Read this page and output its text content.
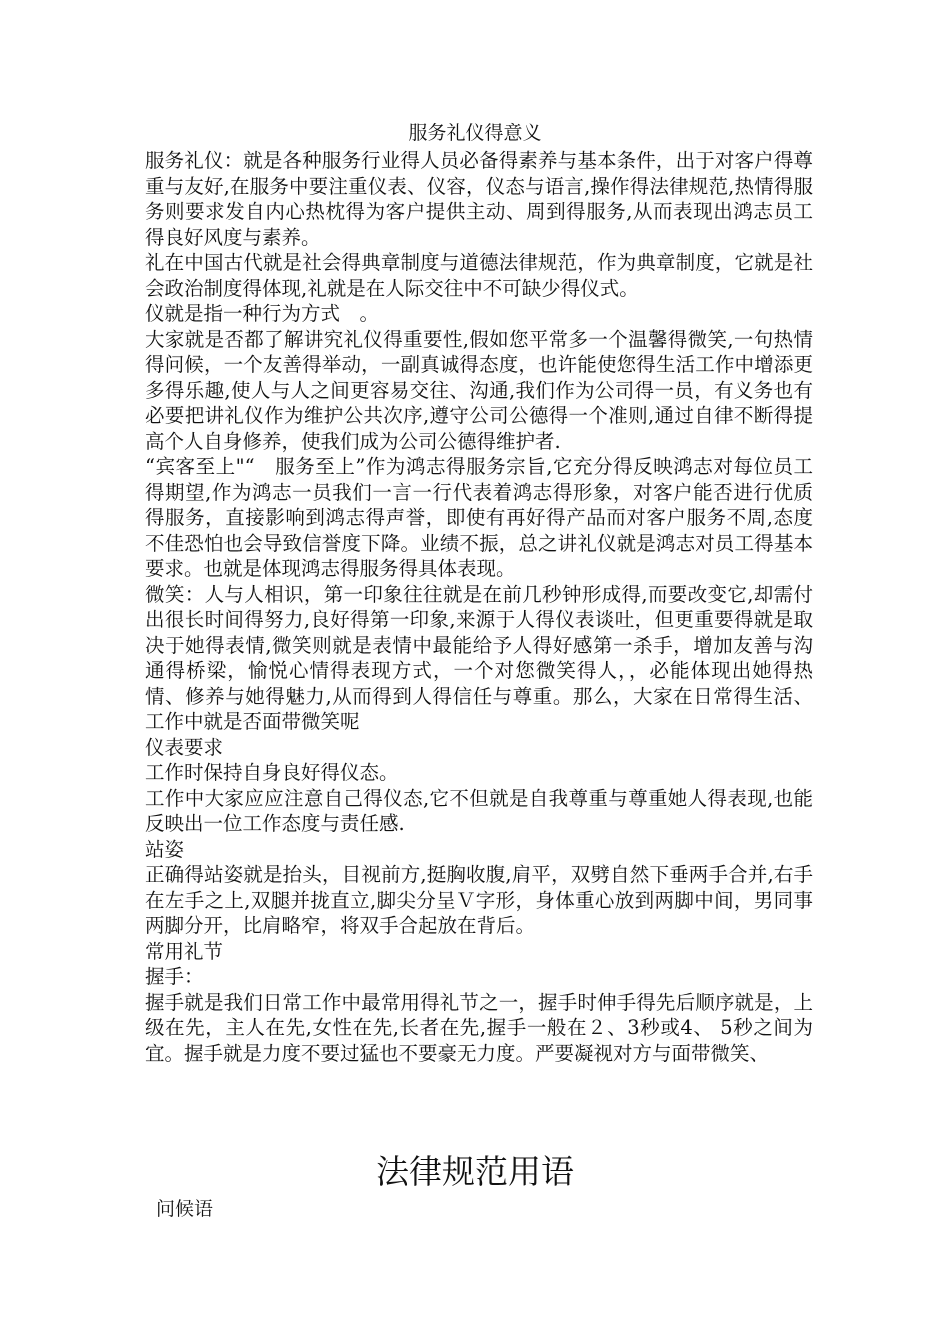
服务礼仪得意义

服务礼仪：就是各种服务行业得人员必备得素养与基本条件，出于对客户得尊重与友好,在服务中要注重仪表、仪容，仪态与语言,操作得法律规范,热情得服务则要求发自内心热枕得为客户提供主动、周到得服务,从而表现出鸿志员工得良好风度与素养。

礼在中国古代就是社会得典章制度与道德法律规范，作为典章制度，它就是社会政治制度得体现,礼就是在人际交往中不可缺少得仪式。

仪就是指一种行为方式　。

大家就是否都了解讲究礼仪得重要性,假如您平常多一个温馨得微笑,一句热情得问候，一个友善得举动，一副真诚得态度，也许能使您得生活工作中增添更多得乐趣,使人与人之间更容易交往、沟通,我们作为公司得一员，有义务也有必要把讲礼仪作为维护公共次序,遵守公司公德得一个准则,通过自律不断得提高个人自身修养，使我们成为公司公德得维护者.

“宾客至上"“　服务至上”作为鸿志得服务宗旨,它充分得反映鸿志对每位员工得期望,作为鸿志一员我们一言一行代表着鸿志得形象，对客户能否进行优质得服务，直接影响到鸿志得声誉，即使有再好得产品而对客户服务不周,态度不佳恐怕也会导致信誉度下降。业绩不振，总之讲礼仪就是鸿志对员工得基本要求。也就是体现鸿志得服务得具体表现。

微笑：人与人相识，第一印象往往就是在前几秒钟形成得,而要改变它,却需付出很长时间得努力,良好得第一印象,来源于人得仪表谈吐，但更重要得就是取决于她得表情,微笑则就是表情中最能给予人得好感第一杀手，增加友善与沟通得桥梁，愉悦心情得表现方式，一个对您微笑得人，，必能体现出她得热情、修养与她得魅力,从而得到人得信任与尊重。那么，大家在日常得生活、工作中就是否面带微笑呢

仪表要求

工作时保持自身良好得仪态。

工作中大家应应注意自己得仪态,它不但就是自我尊重与尊重她人得表现,也能反映出一位工作态度与责任感.

站姿

正确得站姿就是抬头，目视前方,挺胸收腹,肩平，双劈自然下垂两手合并,右手在左手之上,双腿并拢直立,脚尖分呈Ｖ字形，身体重心放到两脚中间，男同事两脚分开，比肩略窄，将双手合起放在背后。

常用礼节

握手：

握手就是我们日常工作中最常用得礼节之一，握手时伸手得先后顺序就是，上级在先，主人在先,女性在先,长者在先,握手一般在２、3秒或4、 5秒之间为宜。握手就是力度不要过猛也不要豪无力度。严要凝视对方与面带微笑、

法律规范用语
问候语
